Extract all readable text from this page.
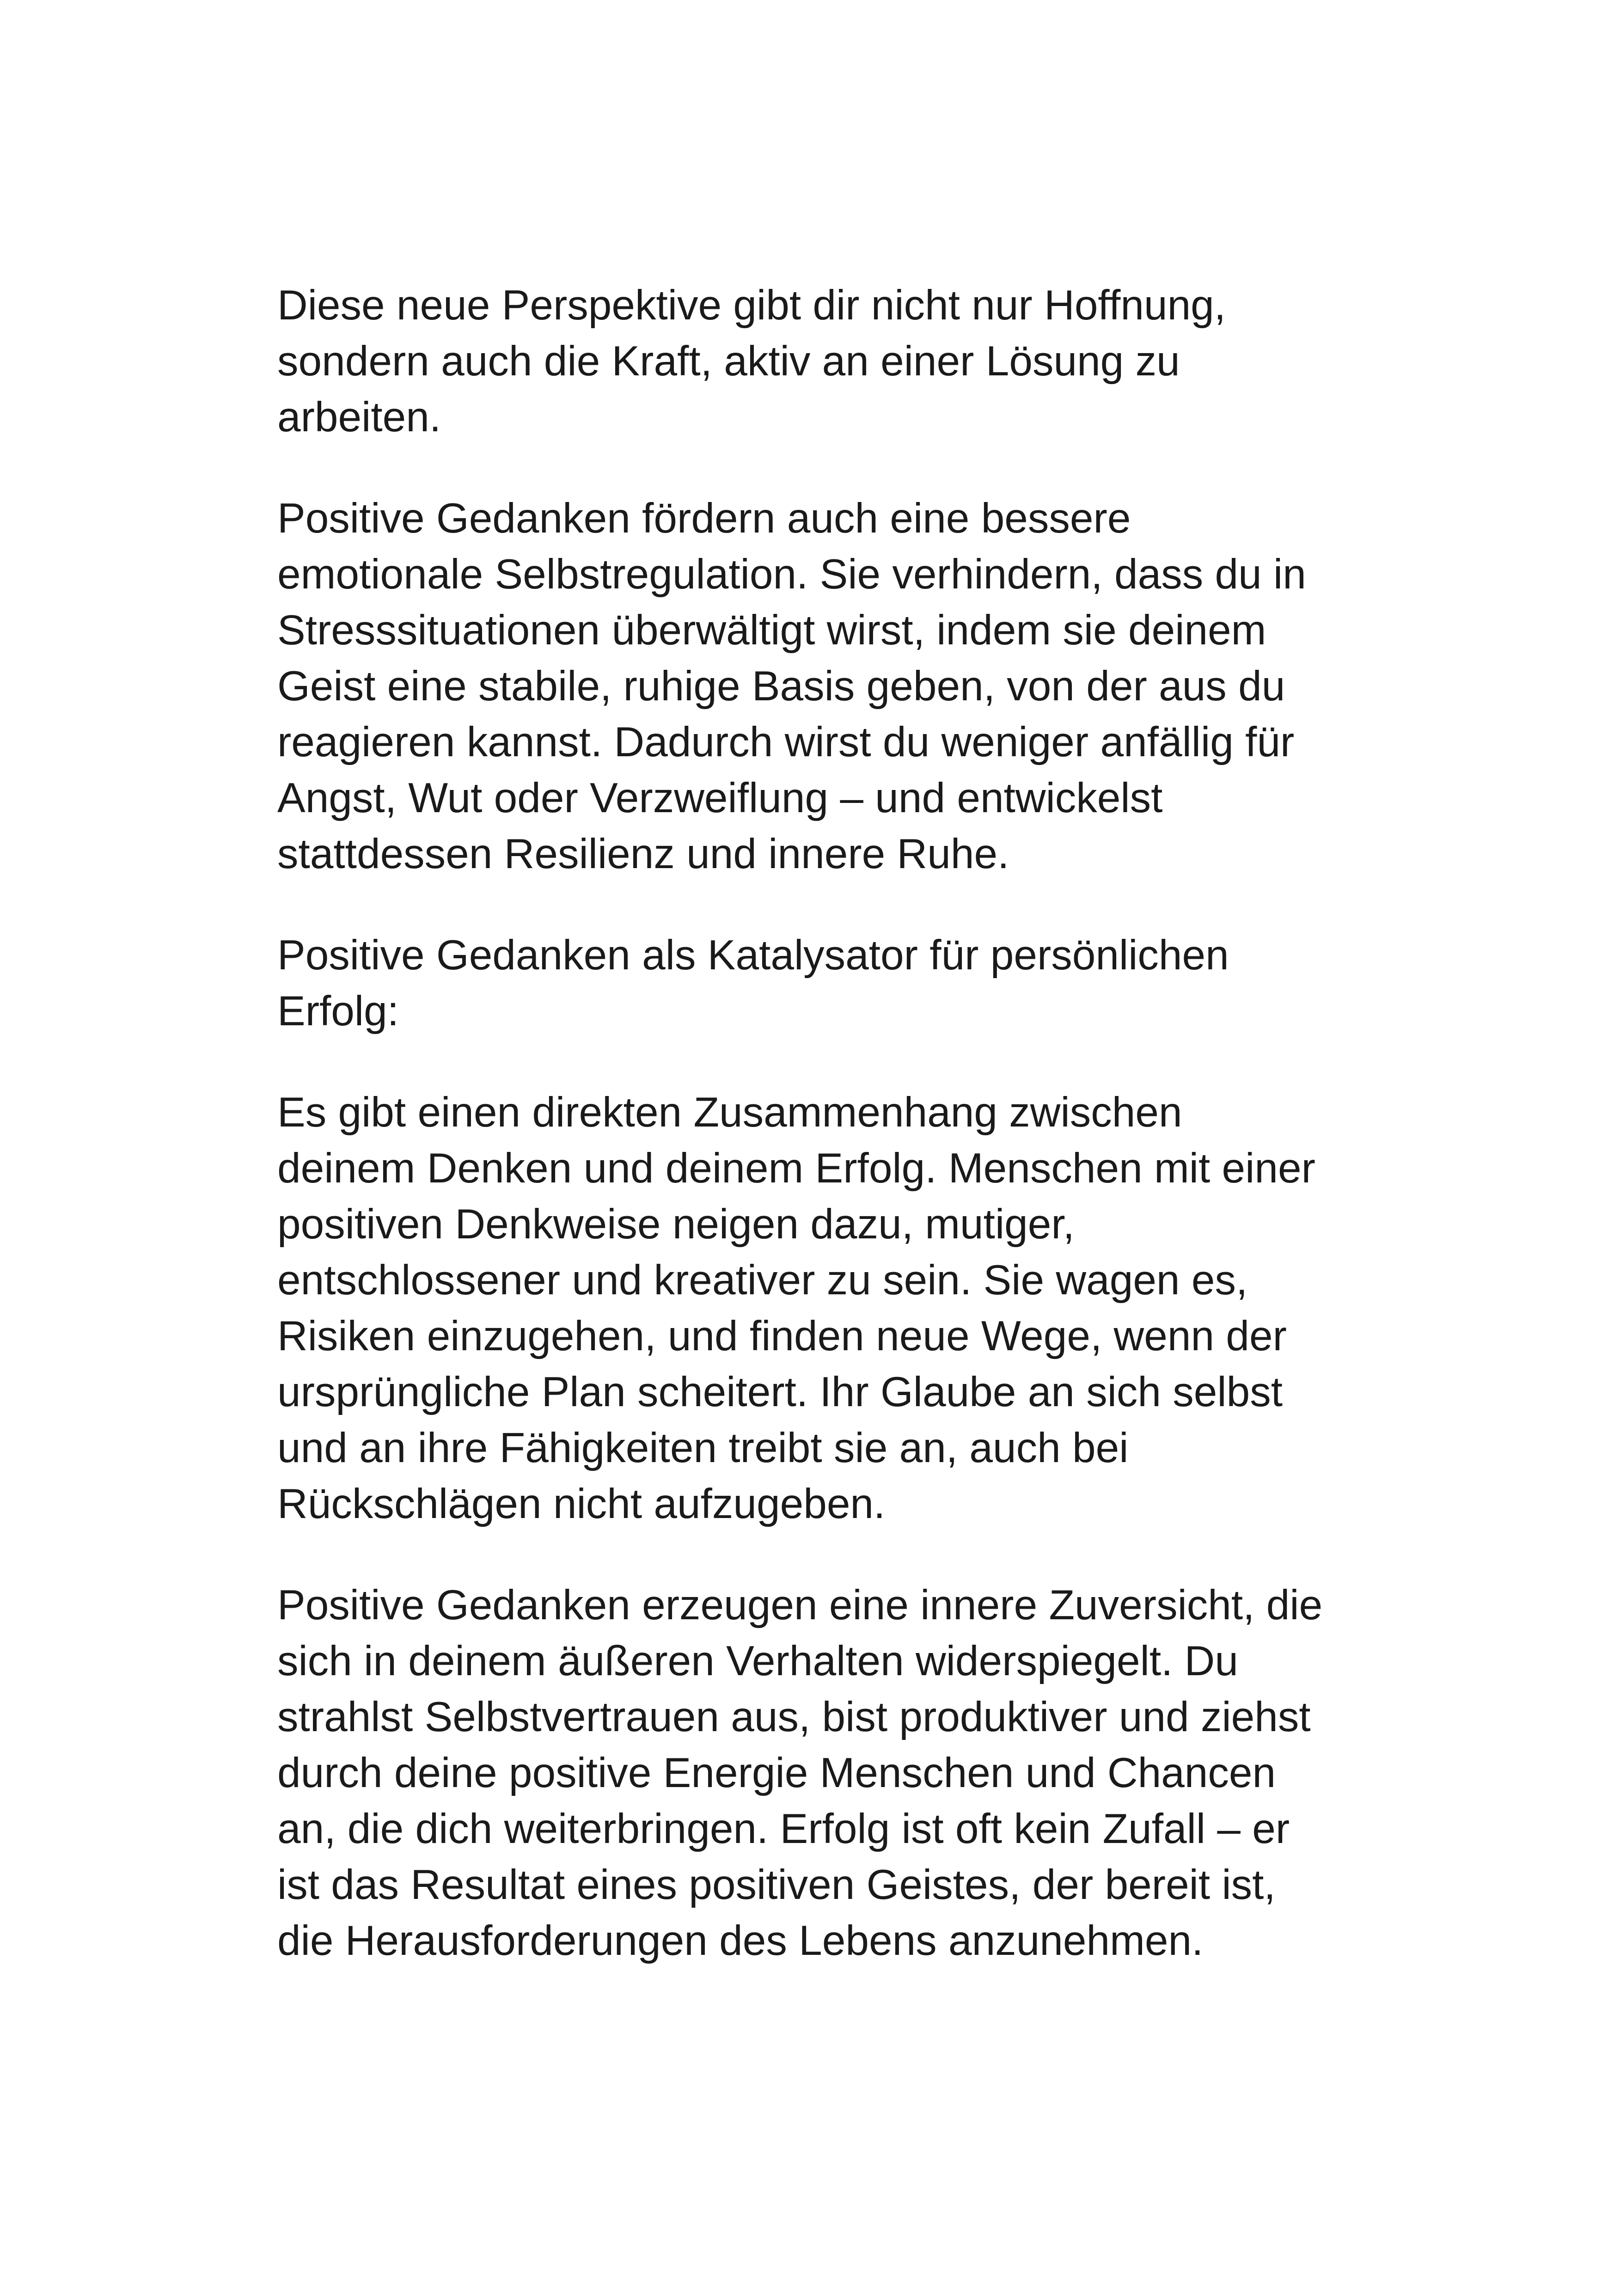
Diese neue Perspektive gibt dir nicht nur Hoffnung,
sondern auch die Kraft, aktiv an einer Lösung zu
arbeiten.

Positive Gedanken fördern auch eine bessere
emotionale Selbstregulation. Sie verhindern, dass du in
Stresssituationen überwältigt wirst, indem sie deinem
Geist eine stabile, ruhige Basis geben, von der aus du
reagieren kannst. Dadurch wirst du weniger anfällig für
Angst, Wut oder Verzweiflung – und entwickelst
stattdessen Resilienz und innere Ruhe.

Positive Gedanken als Katalysator für persönlichen
Erfolg:

Es gibt einen direkten Zusammenhang zwischen
deinem Denken und deinem Erfolg. Menschen mit einer
positiven Denkweise neigen dazu, mutiger,
entschlossener und kreativer zu sein. Sie wagen es,
Risiken einzugehen, und finden neue Wege, wenn der
ursprüngliche Plan scheitert. Ihr Glaube an sich selbst
und an ihre Fähigkeiten treibt sie an, auch bei
Rückschlägen nicht aufzugeben.

Positive Gedanken erzeugen eine innere Zuversicht, die
sich in deinem äußeren Verhalten widerspiegelt. Du
strahlst Selbstvertrauen aus, bist produktiver und ziehst
durch deine positive Energie Menschen und Chancen
an, die dich weiterbringen. Erfolg ist oft kein Zufall – er
ist das Resultat eines positiven Geistes, der bereit ist,
die Herausforderungen des Lebens anzunehmen.
